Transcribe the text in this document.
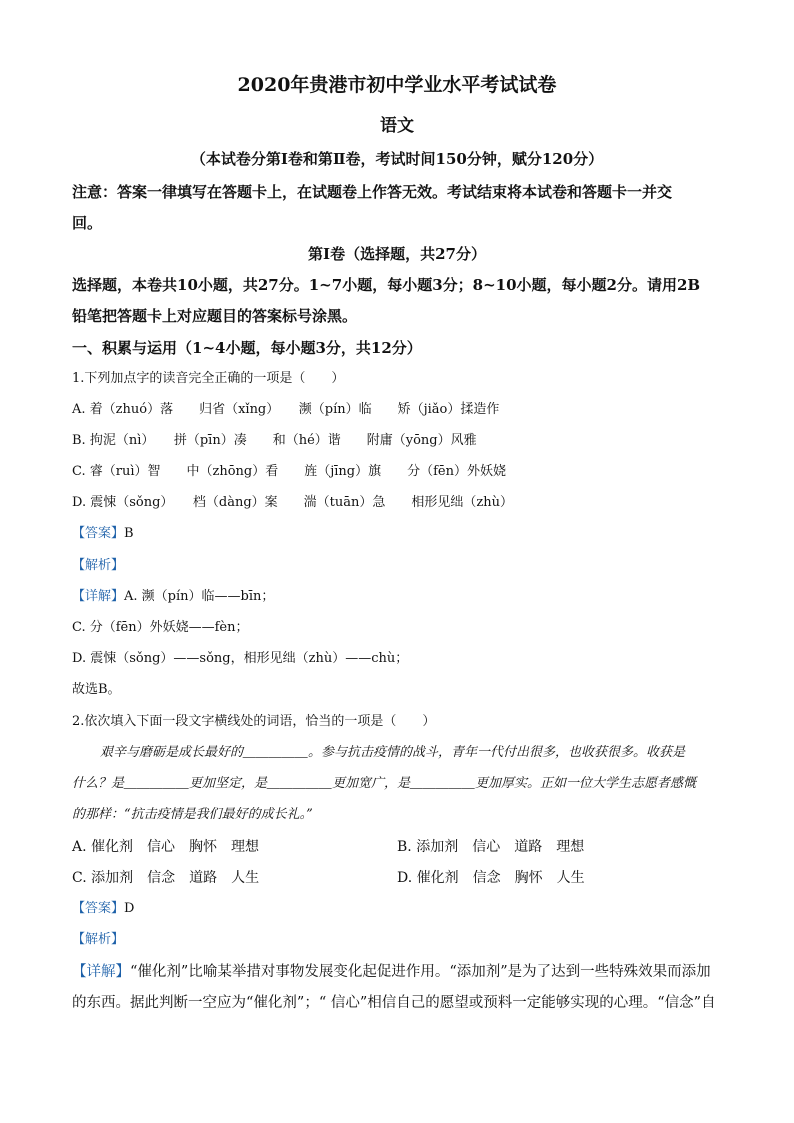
2020年贵港市初中学业水平考试试卷
语文
（本试卷分第Ⅰ卷和第Ⅱ卷，考试时间150分钟，赋分120分）
注意：答案一律填写在答题卡上，在试题卷上作答无效。考试结束将本试卷和答题卡一并交
回。
第Ⅰ卷（选择题，共27分）
选择题，本卷共10小题，共27分。1~7小题，每小题3分；8~10小题，每小题2分。请用2B
铅笔把答题卡上对应题目的答案标号涂黑。
一、积累与运用（1~4小题，每小题3分，共12分）
1.下列加点字的读音完全正确的一项是（　　）
A. 着（zhuó）落　　归省（xǐng）　　濒（pín）临　　矫（jiǎo）揉造作
B. 拘泥（nì）　　拼（pīn）凑　　和（hé）谐　　附庸（yōng）风雅
C. 睿（ruì）智　　中（zhōng）看　　旌（jīng）旗　　分（fēn）外妖娆
D. 震悚（sǒng）　　档（dàng）案　　湍（tuān）急　　相形见绌（zhù）
【答案】B
【解析】
【详解】A. 濒（pín）临——bīn；
C. 分（fēn）外妖娆——fèn；
D. 震悚（sǒng）——sǒng，相形见绌（zhù）——chù；
故选B。
2.依次填入下面一段文字横线处的词语，恰当的一项是（　　）
艰辛与磨砺是成长最好的＿＿＿＿＿。参与抗击疫情的战斗，青年一代付出很多，也收获很多。收获是
什么？是＿＿＿＿＿更加坚定，是＿＿＿＿＿更加宽广，是＿＿＿＿＿更加厚实。正如一位大学生志愿者感慨
的那样：“抗击疫情是我们最好的成长礼。”
A. 催化剂　信心　胸怀　理想	B. 添加剂　信心　道路　理想
C. 添加剂　信念　道路　人生	D. 催化剂　信念　胸怀　人生
【答案】D
【解析】
【详解】“催化剂”比喻某举措对事物发展变化起促进作用。“添加剂”是为了达到一些特殊效果而添加
的东西。据此判断一空应为“催化剂”；“ 信心”相信自己的愿望或预料一定能够实现的心理。“信念”自
